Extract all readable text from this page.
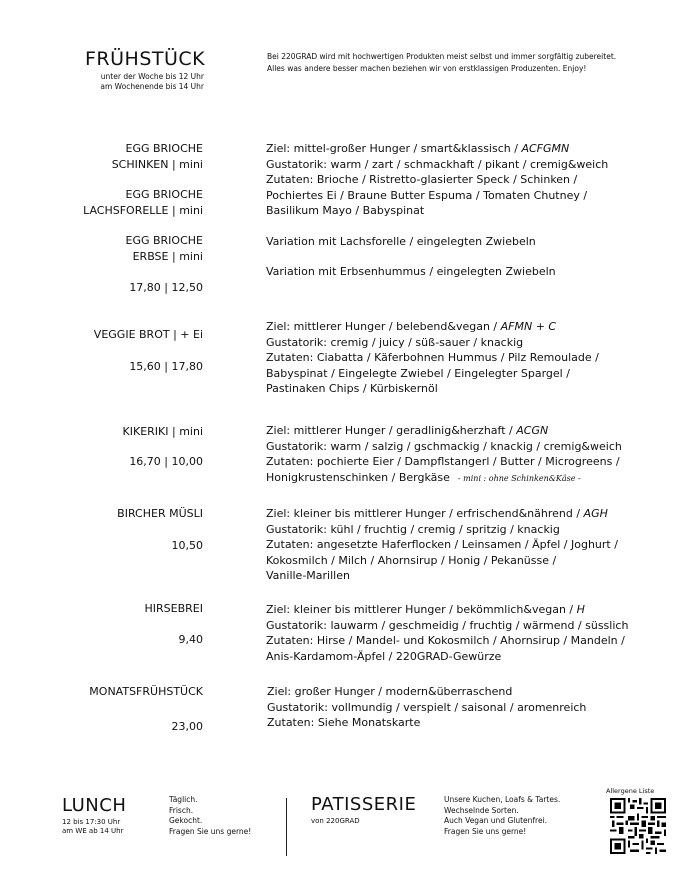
FRÜHSTÜCK
unter der Woche bis 12 Uhr
am Wochenende bis 14 Uhr
Bei 220GRAD wird mit hochwertigen Produkten meist selbst und immer sorgfältig zubereitet.
Alles was andere besser machen beziehen wir von erstklassigen Produzenten. Enjoy!
EGG BRIOCHE
SCHINKEN | mini
EGG BRIOCHE
LACHSFORELLE | mini
EGG BRIOCHE
ERBSE | mini
17,80 | 12,50
Ziel: mittel-großer Hunger / smart&klassisch / ACFGMN
Gustatorik: warm / zart / schmackhaft / pikant / cremig&weich
Zutaten: Brioche / Ristretto-glasierter Speck / Schinken /
Pochiertes Ei / Braune Butter Espuma / Tomaten Chutney /
Basilikum Mayo / Babyspinat
Variation mit Lachsforelle / eingelegten Zwiebeln
Variation mit Erbsenhummus / eingelegten Zwiebeln
VEGGIE BROT | + Ei
15,60 | 17,80
Ziel: mittlerer Hunger / belebend&vegan / AFMN + C
Gustatorik: cremig / juicy / süß-sauer / knackig
Zutaten: Ciabatta / Käferbohnen Hummus / Pilz Remoulade /
Babyspinat / Eingelegte Zwiebel / Eingelegter Spargel /
Pastinaken Chips / Kürbiskernöl
KIKERIKI | mini
16,70 | 10,00
Ziel: mittlerer Hunger / geradlinig&herzhaft / ACGN
Gustatorik: warm / salzig / gschmackig / knackig / cremig&weich
Zutaten: pochierte Eier / Dampflstangerl / Butter / Microgreens /
Honigkrustenschinken / Bergkäse - mini : ohne Schinken&Käse -
BIRCHER MÜSLI
10,50
Ziel: kleiner bis mittlerer Hunger / erfrischend&nährend / AGH
Gustatorik: kühl / fruchtig / cremig / spritzig / knackig
Zutaten: angesetzte Haferflocken / Leinsamen / Äpfel / Joghurt /
Kokosmilch / Milch / Ahornsirup / Honig / Pekanüsse /
Vanille-Marillen
HIRSEBREI
9,40
Ziel: kleiner bis mittlerer Hunger / bekömmlich&vegan / H
Gustatorik: lauwarm / geschmeidig / fruchtig / wärmend / süsslich
Zutaten: Hirse / Mandel- und Kokosmilch / Ahornsirup / Mandeln /
Anis-Kardamom-Äpfel / 220GRAD-Gewürze
MONATSFRÜHSTÜCK
23,00
Ziel: großer Hunger / modern&überraschend
Gustatorik: vollmundig / verspielt / saisonal / aromenreich
Zutaten: Siehe Monatskarte
LUNCH
12 bis 17:30 Uhr
am WE ab 14 Uhr
Täglich.
Frisch.
Gekocht.
Fragen Sie uns gerne!
PATISSERIE
von 220GRAD
Unsere Kuchen, Loafs & Tartes.
Wechselnde Sorten.
Auch Vegan und Glutenfrei.
Fragen Sie uns gerne!
Allergene Liste
